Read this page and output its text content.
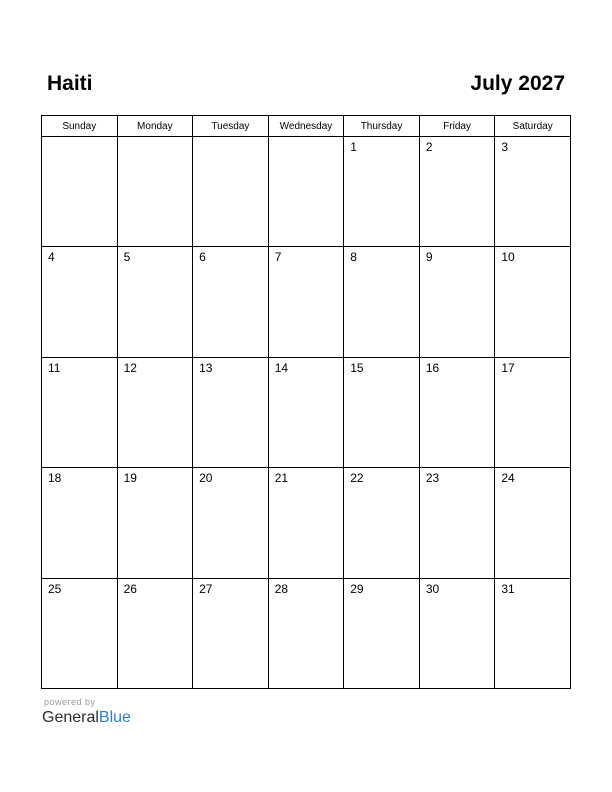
Haiti	July 2027
Sunday	Monday	Tuesday	Wednesday	Thursday	Friday	Saturday

				1	2	3

4	5	6	7	8	9	10

11	12	13	14	15	16	17

18	19	20	21	22	23	24

25	26	27	28	29	30	31
powered by
GeneralBlue
